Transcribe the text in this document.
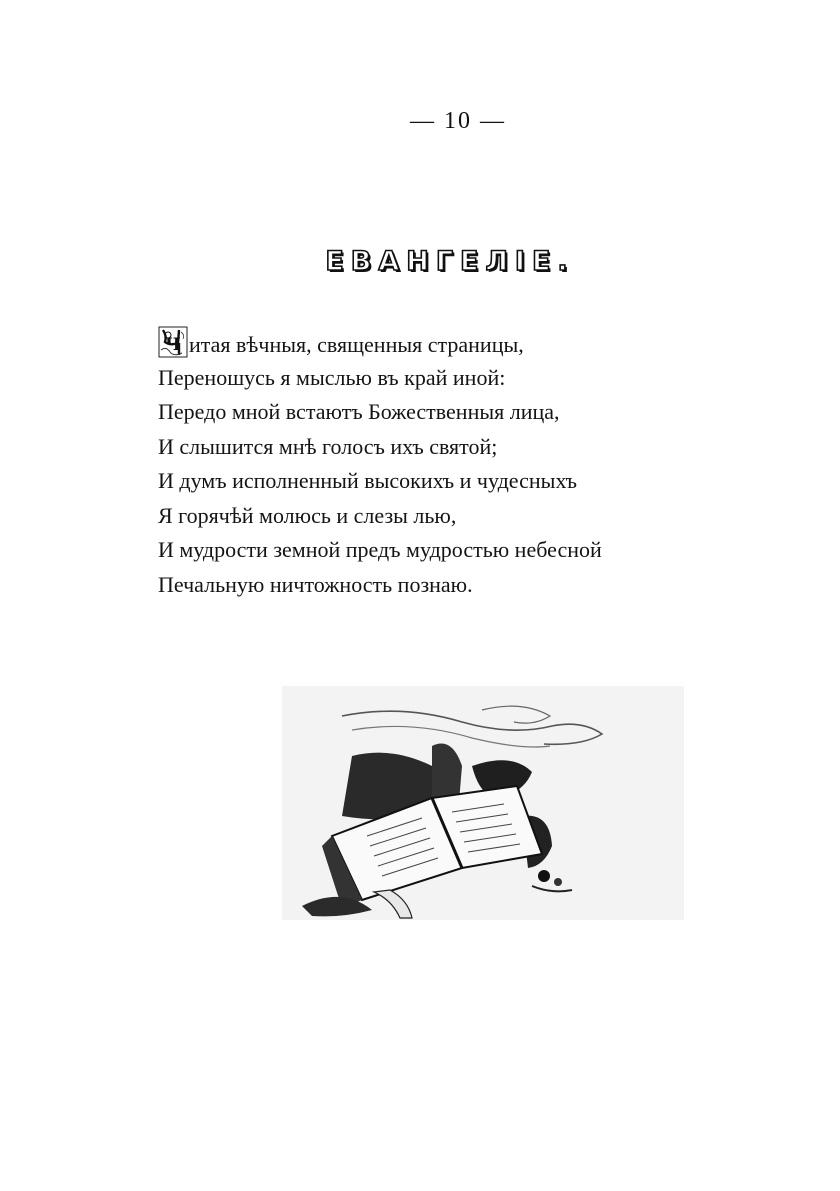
— 10 —
ЕВАНГЕЛIЕ.
Ч итая вѣчныя, священныя страницы,
Переношусь я мыслью въ край иной:
Передо мной встаютъ Божественныя лица,
И слышится мнѣ голосъ ихъ святой;
И думъ исполненный высокихъ и чудесныхъ
Я горячѣй молюсь и слезы лью,
И мудрости земной предъ мудростью небесной
Печальную ничтожность познаю.
